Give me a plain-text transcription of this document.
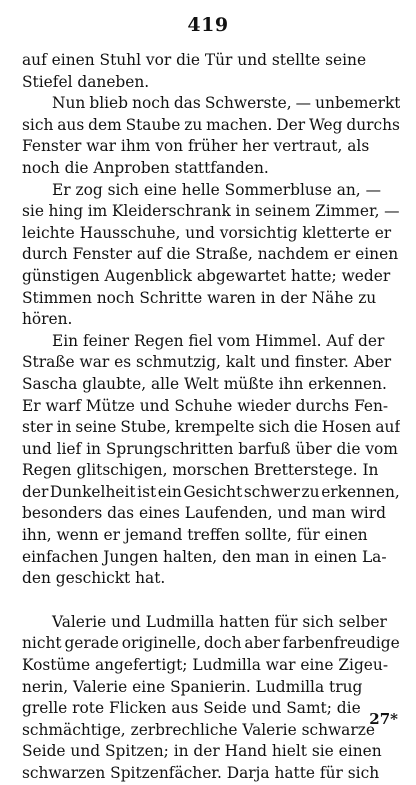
419
auf einen Stuhl vor die Tür und stellte seine
Stiefel daneben.
Nun blieb noch das Schwerste, — unbemerkt
sich aus dem Staube zu machen. Der Weg durchs
Fenster war ihm von früher her vertraut, als
noch die Anproben stattfanden.
Er zog sich eine helle Sommerbluse an, —
sie hing im Kleiderschrank in seinem Zimmer, —
leichte Hausschuhe, und vorsichtig kletterte er
durch Fenster auf die Straße, nachdem er einen
günstigen Augenblick abgewartet hatte; weder
Stimmen noch Schritte waren in der Nähe zu
hören.
Ein feiner Regen fiel vom Himmel. Auf der
Straße war es schmutzig, kalt und finster. Aber
Sascha glaubte, alle Welt müßte ihn erkennen.
Er warf Mütze und Schuhe wieder durchs Fen-
ster in seine Stube, krempelte sich die Hosen auf
und lief in Sprungschritten barfuß über die vom
Regen glitschigen, morschen Bretterstege. In
der Dunkelheit ist ein Gesicht schwer zu erkennen,
besonders das eines Laufenden, und man wird
ihn, wenn er jemand treffen sollte, für einen
einfachen Jungen halten, den man in einen La-
den geschickt hat.
Valerie und Ludmilla hatten für sich selber
nicht gerade originelle, doch aber farbenfreudige
Kostüme angefertigt; Ludmilla war eine Zigeu-
nerin, Valerie eine Spanierin. Ludmilla trug
grelle rote Flicken aus Seide und Samt; die
schmächtige, zerbrechliche Valerie schwarze
Seide und Spitzen; in der Hand hielt sie einen
schwarzen Spitzenfächer. Darja hatte für sich
27*
